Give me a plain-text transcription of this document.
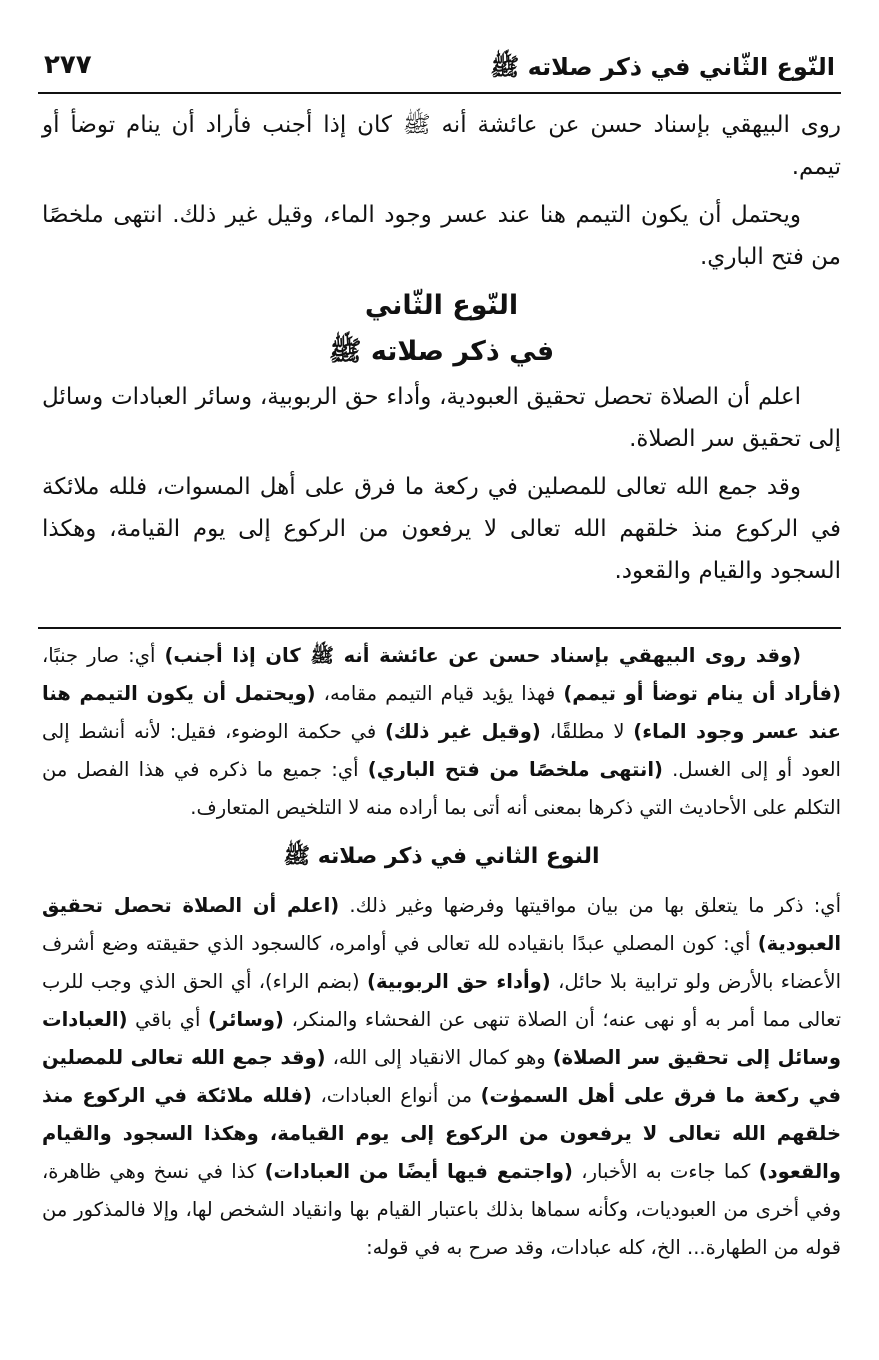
النّوع الثّاني في ذكر صلاته ﷺ
٢٧٧

روى البيهقي بإسناد حسن عن عائشة أنه ﷺ كان إذا أجنب فأراد أن ينام توضأ أو تيمم.

ويحتمل أن يكون التيمم هنا عند عسر وجود الماء، وقيل غير ذلك. انتهى ملخصًا من فتح الباري.

النّوع الثّاني
في ذكر صلاته ﷺ

اعلم أن الصلاة تحصل تحقيق العبودية، وأداء حق الربوبية، وسائر العبادات وسائل إلى تحقيق سر الصلاة.

وقد جمع الله تعالى للمصلين في ركعة ما فرق على أهل المسوات، فلله ملائكة في الركوع منذ خلقهم الله تعالى لا يرفعون من الركوع إلى يوم القيامة، وهكذا السجود والقيام والقعود.

(وقد روى البيهقي بإسناد حسن عن عائشة أنه ﷺ كان إذا أجنب) أي: صار جنبًا، (فأراد أن ينام توضأ أو تيمم) فهذا يؤيد قيام التيمم مقامه، (ويحتمل أن يكون التيمم هنا عند عسر وجود الماء) لا مطلقًا، (وقيل غير ذلك) في حكمة الوضوء، فقيل: لأنه أنشط إلى العود أو إلى الغسل. (انتهى ملخصًا من فتح الباري) أي: جميع ما ذكره في هذا الفصل من التكلم على الأحاديث التي ذكرها بمعنى أنه أتى بما أراده منه لا التلخيص المتعارف.

النوع الثاني في ذكر صلاته ﷺ

أي: ذكر ما يتعلق بها من بيان مواقيتها وفرضها وغير ذلك. (اعلم أن الصلاة تحصل تحقيق العبودية) أي: كون المصلي عبدًا بانقياده لله تعالى في أوامره، كالسجود الذي حقيقته وضع أشرف الأعضاء بالأرض ولو ترابية بلا حائل، (وأداء حق الربوبية) (بضم الراء)، أي الحق الذي وجب للرب تعالى مما أمر به أو نهى عنه؛ أن الصلاة تنهى عن الفحشاء والمنكر، (وسائر) أي باقي (العبادات وسائل إلى تحقيق سر الصلاة) وهو كمال الانقياد إلى الله، (وقد جمع الله تعالى للمصلين في ركعة ما فرق على أهل السموٰت) من أنواع العبادات، (فلله ملائكة في الركوع منذ خلقهم الله تعالى لا يرفعون من الركوع إلى يوم القيامة، وهكذا السجود والقيام والقعود) كما جاءت به الأخبار، (واجتمع فيها أيضًا من العبادات) كذا في نسخ وهي ظاهرة، وفي أخرى من العبوديات، وكأنه سماها بذلك باعتبار القيام بها وانقياد الشخص لها، وإلا فالمذكور من قوله من الطهارة... الخ، كله عبادات، وقد صرح به في قوله:
